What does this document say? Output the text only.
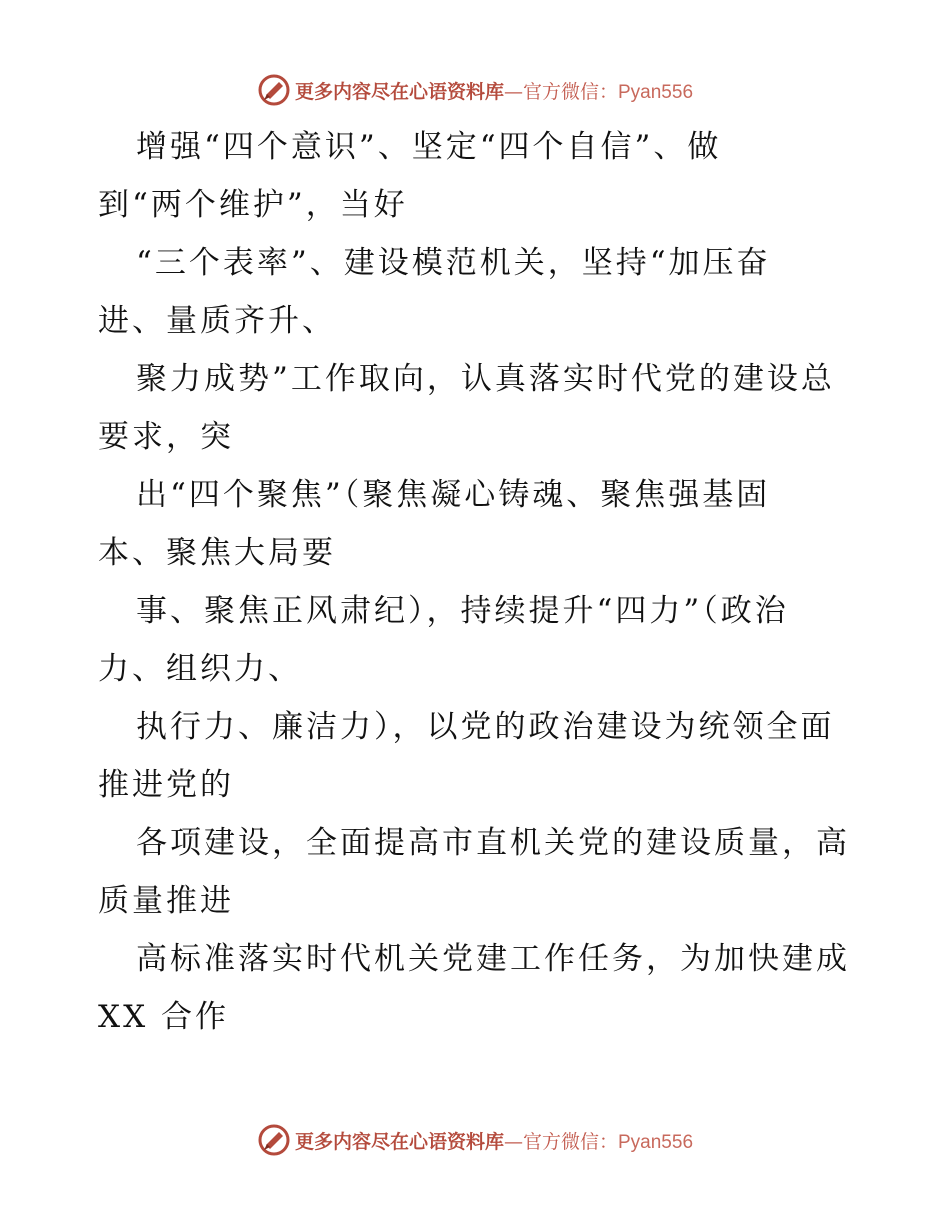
更多内容尽在心语资料库—官方微信：Pyan556
增强“四个意识”、坚定“四个自信”、做
到“两个维护”，当好
“三个表率”、建设模范机关，坚持“加压奋
进、量质齐升、
聚力成势”工作取向，认真落实时代党的建设总
要求，突
出“四个聚焦”（聚焦凝心铸魂、聚焦强基固
本、聚焦大局要
事、聚焦正风肃纪），持续提升“四力”（政治
力、组织力、
执行力、廉洁力），以党的政治建设为统领全面
推进党的
各项建设，全面提高市直机关党的建设质量，高
质量推进
高标准落实时代机关党建工作任务，为加快建成
XX 合作
更多内容尽在心语资料库—官方微信：Pyan556
